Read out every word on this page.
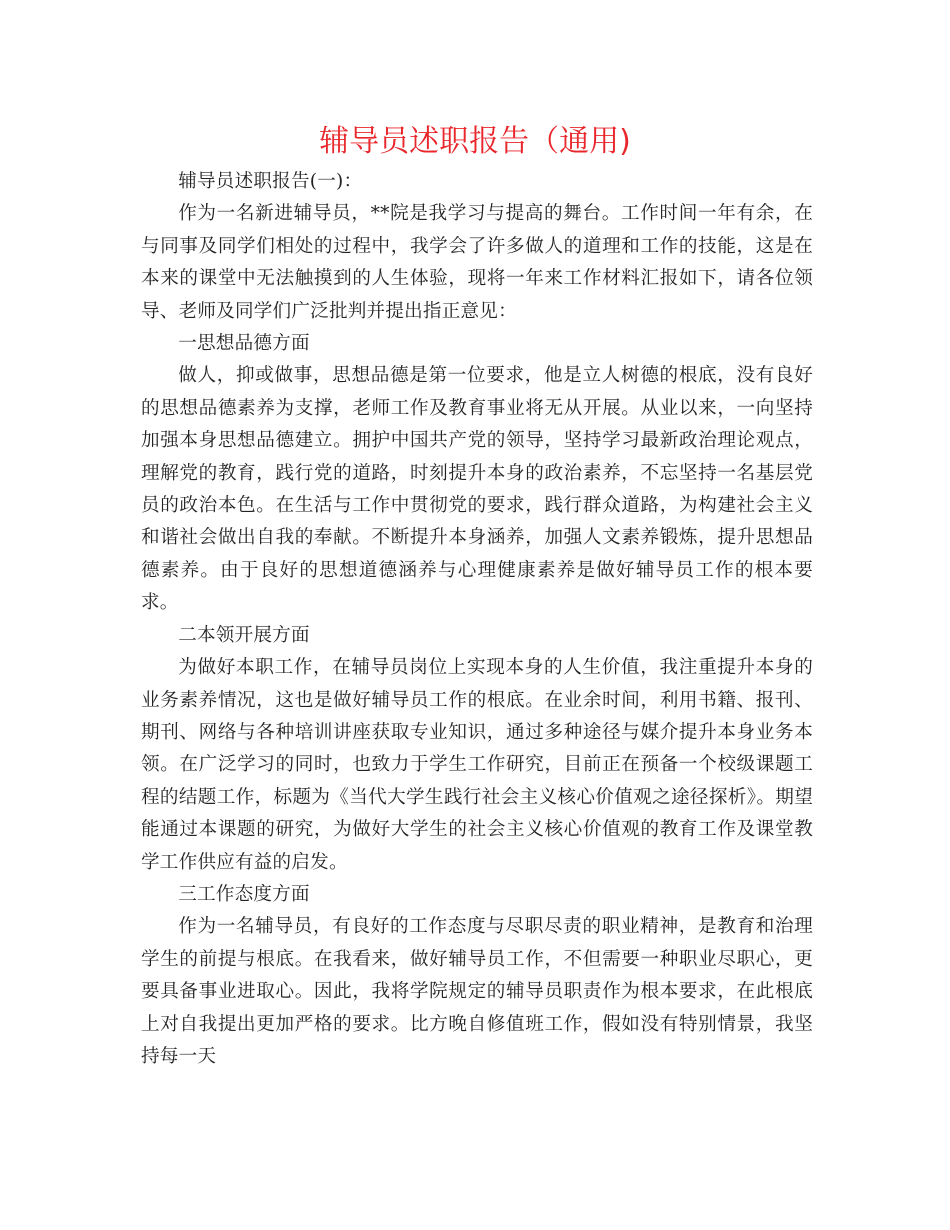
辅导员述职报告（通用)

辅导员述职报告(一)：

作为一名新进辅导员，**院是我学习与提高的舞台。工作时间一年有余，在与同事及同学们相处的过程中，我学会了许多做人的道理和工作的技能，这是在本来的课堂中无法触摸到的人生体验，现将一年来工作材料汇报如下，请各位领导、老师及同学们广泛批判并提出指正意见：

一思想品德方面

做人，抑或做事，思想品德是第一位要求，他是立人树德的根底，没有良好的思想品德素养为支撑，老师工作及教育事业将无从开展。从业以来，一向坚持加强本身思想品德建立。拥护中国共产党的领导，坚持学习最新政治理论观点，理解党的教育，践行党的道路，时刻提升本身的政治素养，不忘坚持一名基层党员的政治本色。在生活与工作中贯彻党的要求，践行群众道路，为构建社会主义和谐社会做出自我的奉献。不断提升本身涵养，加强人文素养锻炼，提升思想品德素养。由于良好的思想道德涵养与心理健康素养是做好辅导员工作的根本要求。

二本领开展方面

为做好本职工作，在辅导员岗位上实现本身的人生价值，我注重提升本身的业务素养情况，这也是做好辅导员工作的根底。在业余时间，利用书籍、报刊、期刊、网络与各种培训讲座获取专业知识，通过多种途径与媒介提升本身业务本领。在广泛学习的同时，也致力于学生工作研究，目前正在预备一个校级课题工程的结题工作，标题为《当代大学生践行社会主义核心价值观之途径探析》。期望能通过本课题的研究，为做好大学生的社会主义核心价值观的教育工作及课堂教学工作供应有益的启发。

三工作态度方面

作为一名辅导员，有良好的工作态度与尽职尽责的职业精神，是教育和治理学生的前提与根底。在我看来，做好辅导员工作，不但需要一种职业尽职心，更要具备事业进取心。因此，我将学院规定的辅导员职责作为根本要求，在此根底上对自我提出更加严格的要求。比方晚自修值班工作，假如没有特别情景，我坚持每一天
